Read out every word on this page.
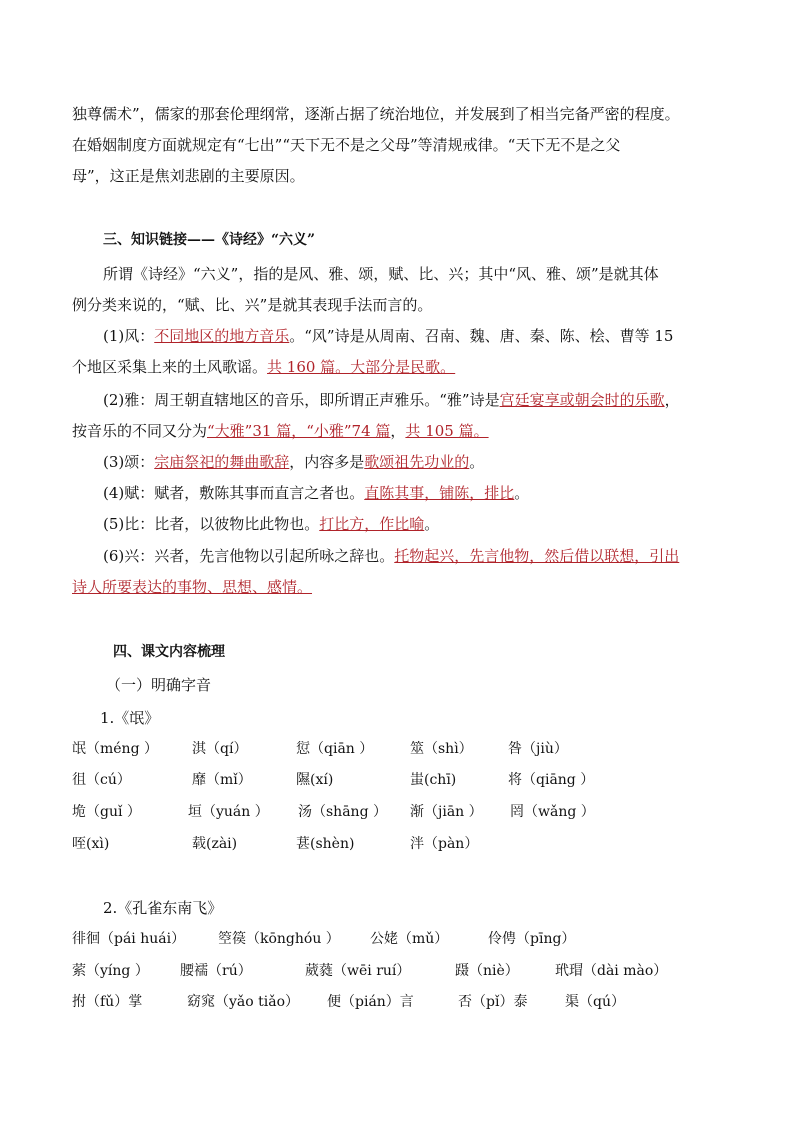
独尊儒术”，儒家的那套伦理纲常，逐渐占据了统治地位，并发展到了相当完备严密的程度。
在婚姻制度方面就规定有“七出”“天下无不是之父母”等清规戒律。“天下无不是之父
母”，这正是焦刘悲剧的主要原因。
三、知识链接——《诗经》“六义”
所谓《诗经》“六义”，指的是风、雅、颂，赋、比、兴；其中“风、雅、颂”是就其体
例分类来说的，“赋、比、兴”是就其表现手法而言的。
(1)风：不同地区的地方音乐。“风”诗是从周南、召南、魏、唐、秦、陈、桧、曹等 15
个地区采集上来的土风歌谣。共 160 篇。大部分是民歌。
(2)雅：周王朝直辖地区的音乐，即所谓正声雅乐。“雅”诗是宫廷宴享或朝会时的乐歌，
按音乐的不同又分为“大雅”31 篇，“小雅”74 篇，共 105 篇。
(3)颂：宗庙祭祀的舞曲歌辞，内容多是歌颂祖先功业的。
(4)赋：赋者，敷陈其事而直言之者也。直陈其事，铺陈，排比。
(5)比：比者，以彼物比此物也。打比方，作比喻。
(6)兴：兴者，先言他物以引起所咏之辞也。托物起兴，先言他物，然后借以联想，引出
诗人所要表达的事物、思想、感情。
四、课文内容梳理
（一）明确字音
1.《氓》
氓（méng ） 淇（qí）	愆（qiān ）	筮（shì）	咎（jiù）
徂（cú）	靡（mǐ）	隰(xí)	蚩(chī)	将（qiāng ）
垝（guǐ ）	垣（yuán ） 汤（shāng ） 渐（jiān ） 罔（wǎng ）
咥(xì)	载(zài)	葚(shèn)	泮（pàn）
2.《孔雀东南飞》
徘徊（pái huái） 箜篌（kōnghóu ） 公姥（mǔ）	伶俜（pīng）
萦（yíng ） 腰襦（rú）	葳蕤（wēi ruí）	蹑（niè）	玳瑁（dài mào）
拊（fǔ）掌	窈窕（yǎo tiǎo） 便（pián）言	否（pǐ）泰	渠（qú）
